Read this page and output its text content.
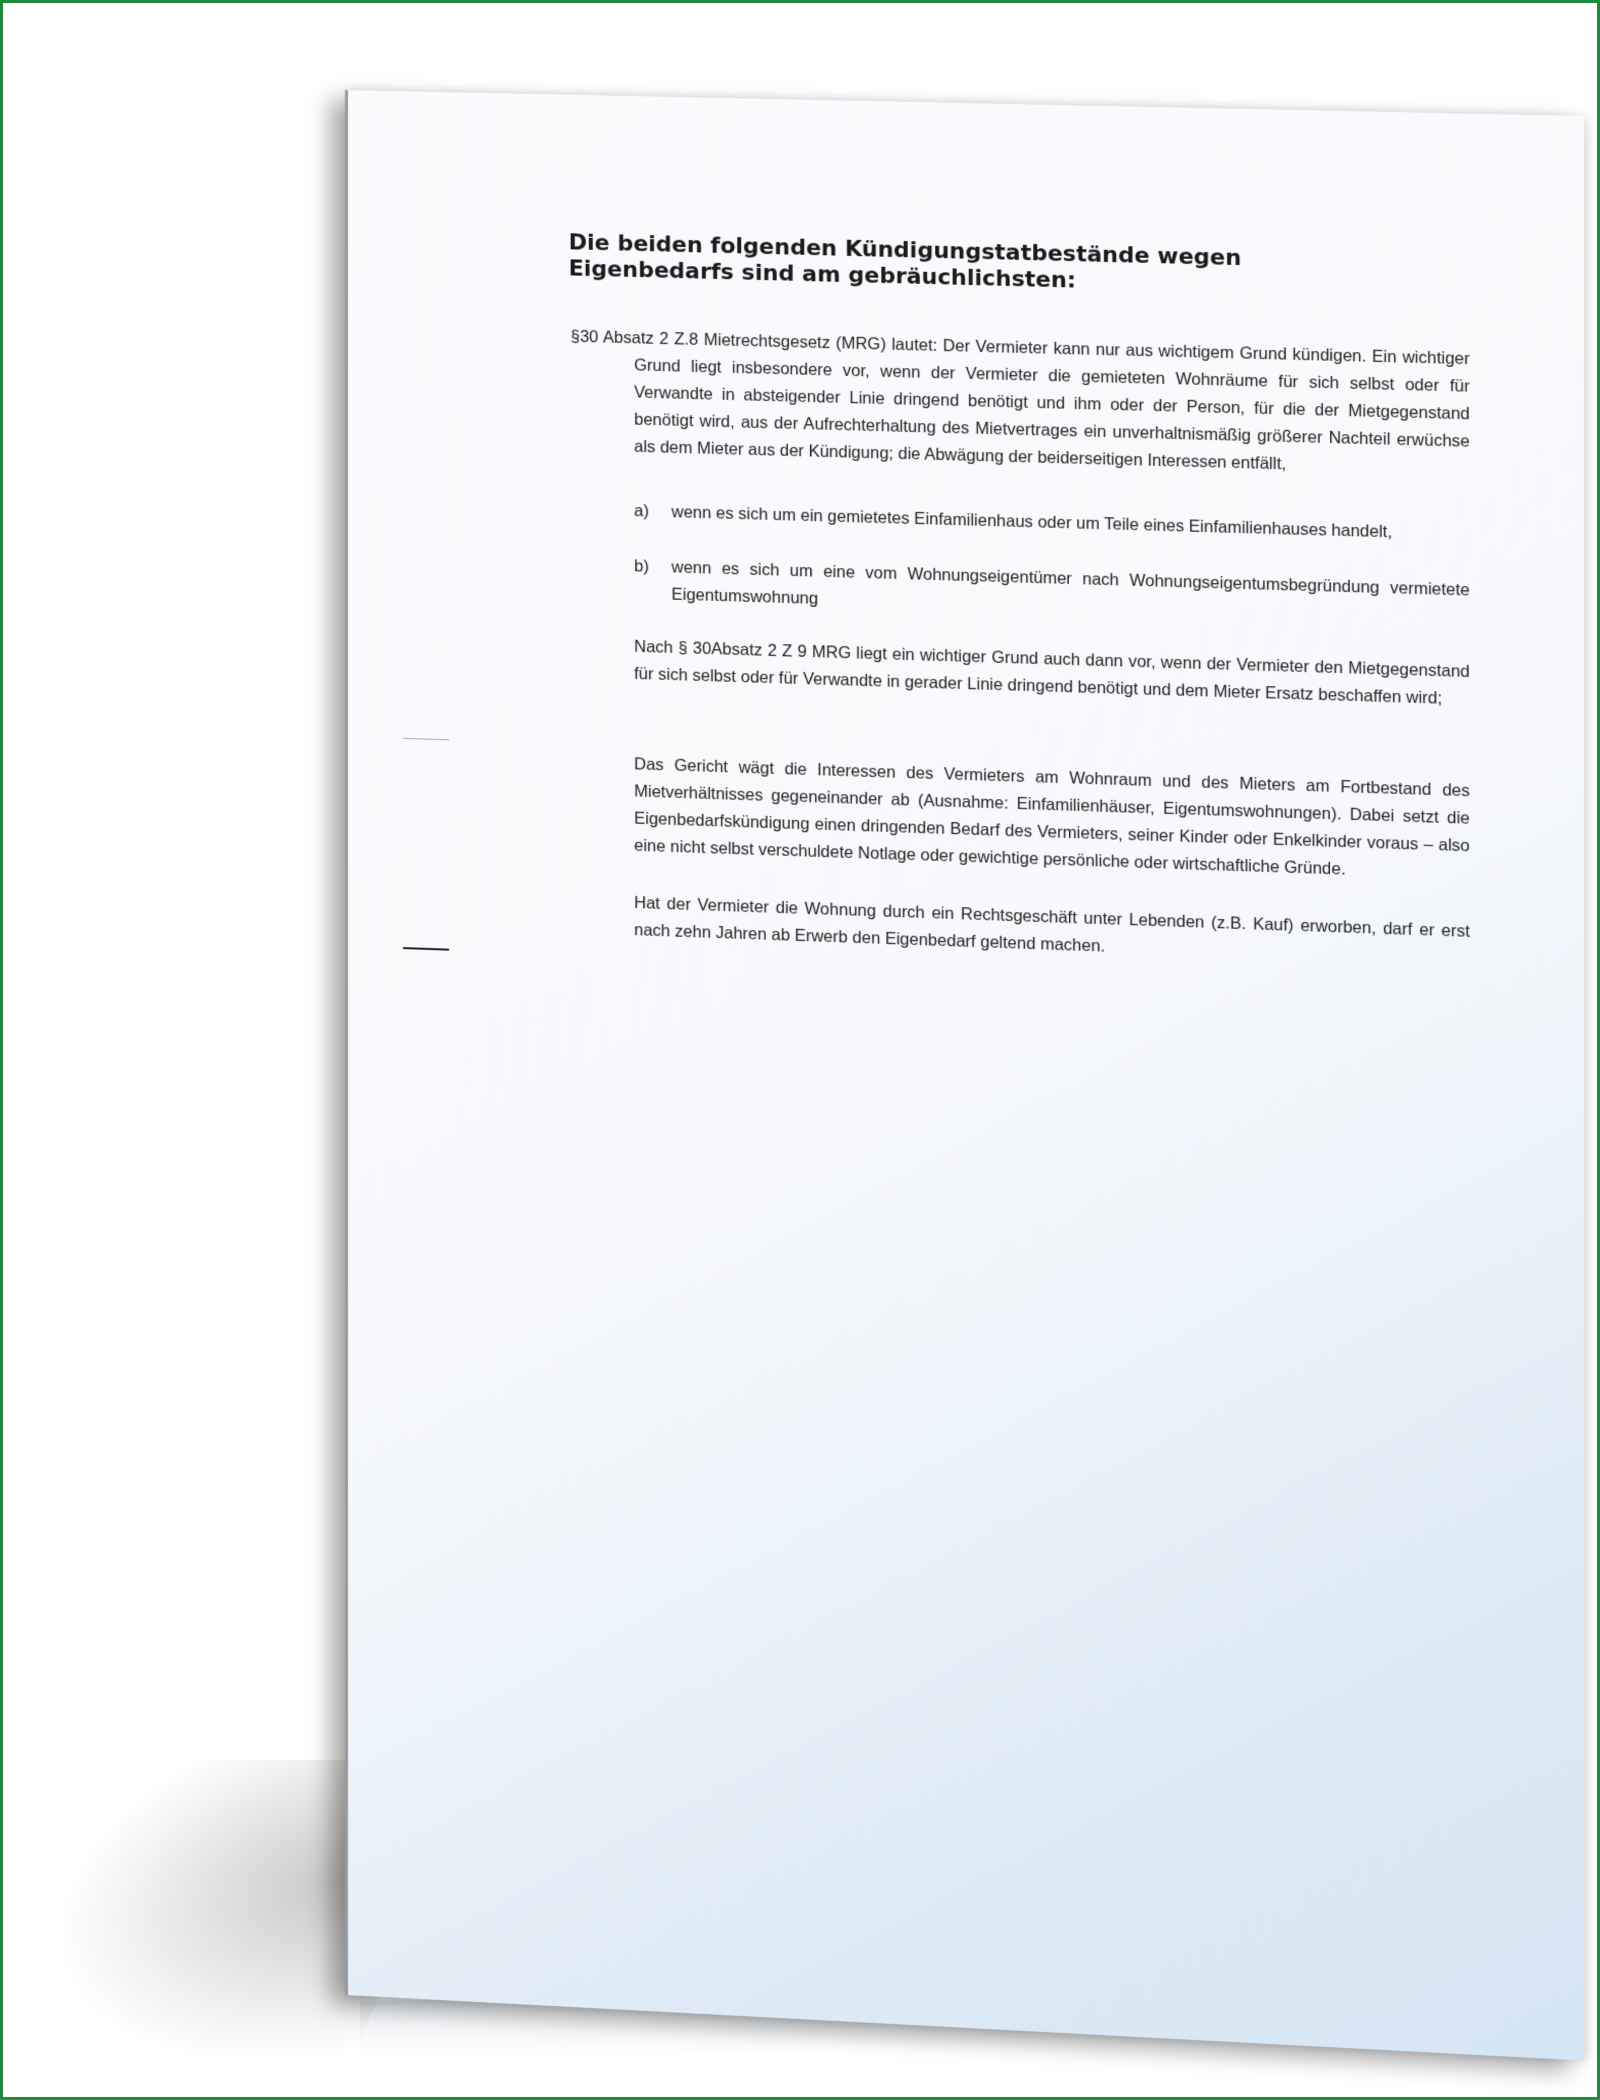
Die beiden folgenden Kündigungstatbestände wegen Eigenbedarfs sind am gebräuchlichsten:

§30 Absatz 2 Z.8 Mietrechtsgesetz (MRG) lautet: Der Vermieter kann nur aus wichtigem Grund kündigen. Ein wichtiger Grund liegt insbesondere vor, wenn der Vermieter die gemieteten Wohnräume für sich selbst oder für Verwandte in absteigender Linie dringend benötigt und ihm oder der Person, für die der Mietgegenstand benötigt wird, aus der Aufrechterhaltung des Mietvertrages ein unverhaltnismäßig größerer Nachteil erwüchse als dem Mieter aus der Kündigung; die Abwägung der beiderseitigen Interessen entfällt,

a)	wenn es sich um ein gemietetes Einfamilienhaus oder um Teile eines Einfamilienhauses handelt,
b)	wenn es sich um eine vom Wohnungseigentümer nach Wohnungseigentumsbegründung vermietete Eigentumswohnung

Nach § 30Absatz 2 Z 9 MRG liegt ein wichtiger Grund auch dann vor, wenn der Vermieter den Mietgegenstand für sich selbst oder für Verwandte in gerader Linie dringend benötigt und dem Mieter Ersatz beschaffen wird;

Das Gericht wägt die Interessen des Vermieters am Wohnraum und des Mieters am Fortbestand des Mietverhältnisses gegeneinander ab (Ausnahme: Einfamilienhäuser, Eigentumswohnungen). Dabei setzt die Eigenbedarfskündigung einen dringenden Bedarf des Vermieters, seiner Kinder oder Enkelkinder voraus – also eine nicht selbst verschuldete Notlage oder gewichtige persönliche oder wirtschaftliche Gründe.

Hat der Vermieter die Wohnung durch ein Rechtsgeschäft unter Lebenden (z.B. Kauf) erworben, darf er erst nach zehn Jahren ab Erwerb den Eigenbedarf geltend machen.
